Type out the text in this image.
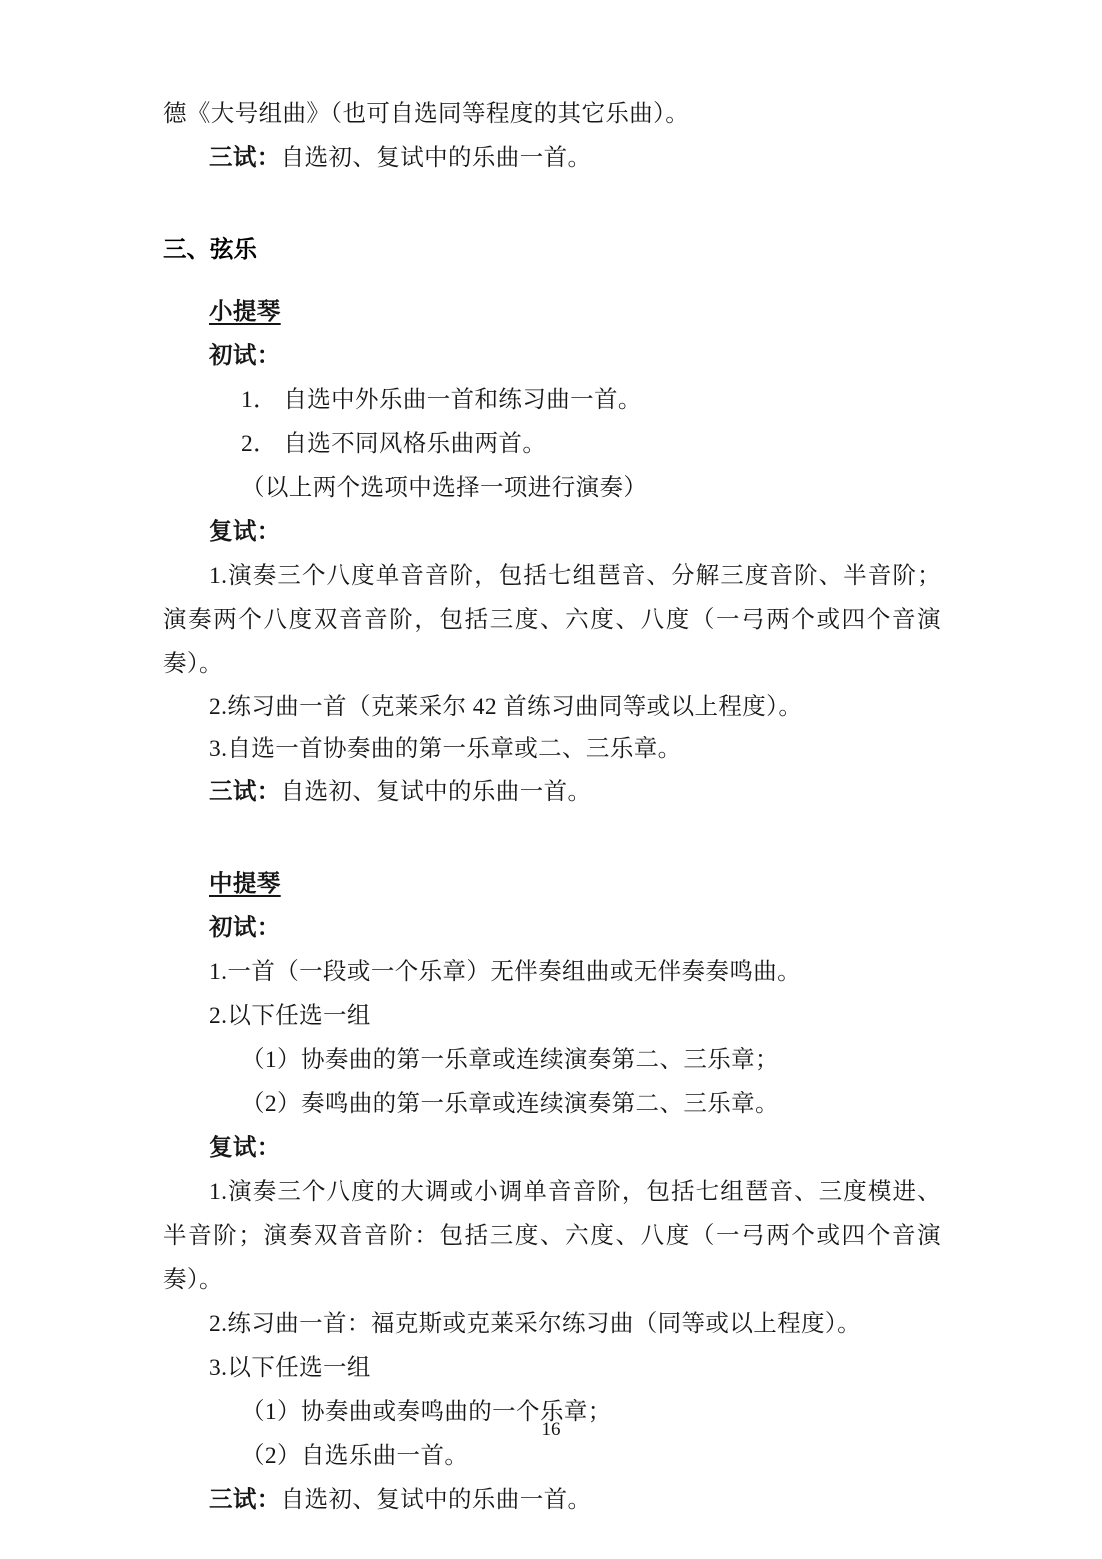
德《大号组曲》（也可自选同等程度的其它乐曲）。
三试：自选初、复试中的乐曲一首。
三、弦乐
小提琴
初试：
1． 自选中外乐曲一首和练习曲一首。
2． 自选不同风格乐曲两首。
（以上两个选项中选择一项进行演奏）
复试：
1.演奏三个八度单音音阶，包括七组琶音、分解三度音阶、半音阶；演奏两个八度双音音阶，包括三度、六度、八度（一弓两个或四个音演奏）。
2.练习曲一首（克莱采尔 42 首练习曲同等或以上程度）。
3.自选一首协奏曲的第一乐章或二、三乐章。
三试：自选初、复试中的乐曲一首。
中提琴
初试：
1.一首（一段或一个乐章）无伴奏组曲或无伴奏奏鸣曲。
2.以下任选一组
（1）协奏曲的第一乐章或连续演奏第二、三乐章；
（2）奏鸣曲的第一乐章或连续演奏第二、三乐章。
复试：
1.演奏三个八度的大调或小调单音音阶，包括七组琶音、三度模进、半音阶；演奏双音音阶：包括三度、六度、八度（一弓两个或四个音演奏）。
2.练习曲一首：福克斯或克莱采尔练习曲（同等或以上程度）。
3.以下任选一组
（1）协奏曲或奏鸣曲的一个乐章；
（2）自选乐曲一首。
三试：自选初、复试中的乐曲一首。
16
